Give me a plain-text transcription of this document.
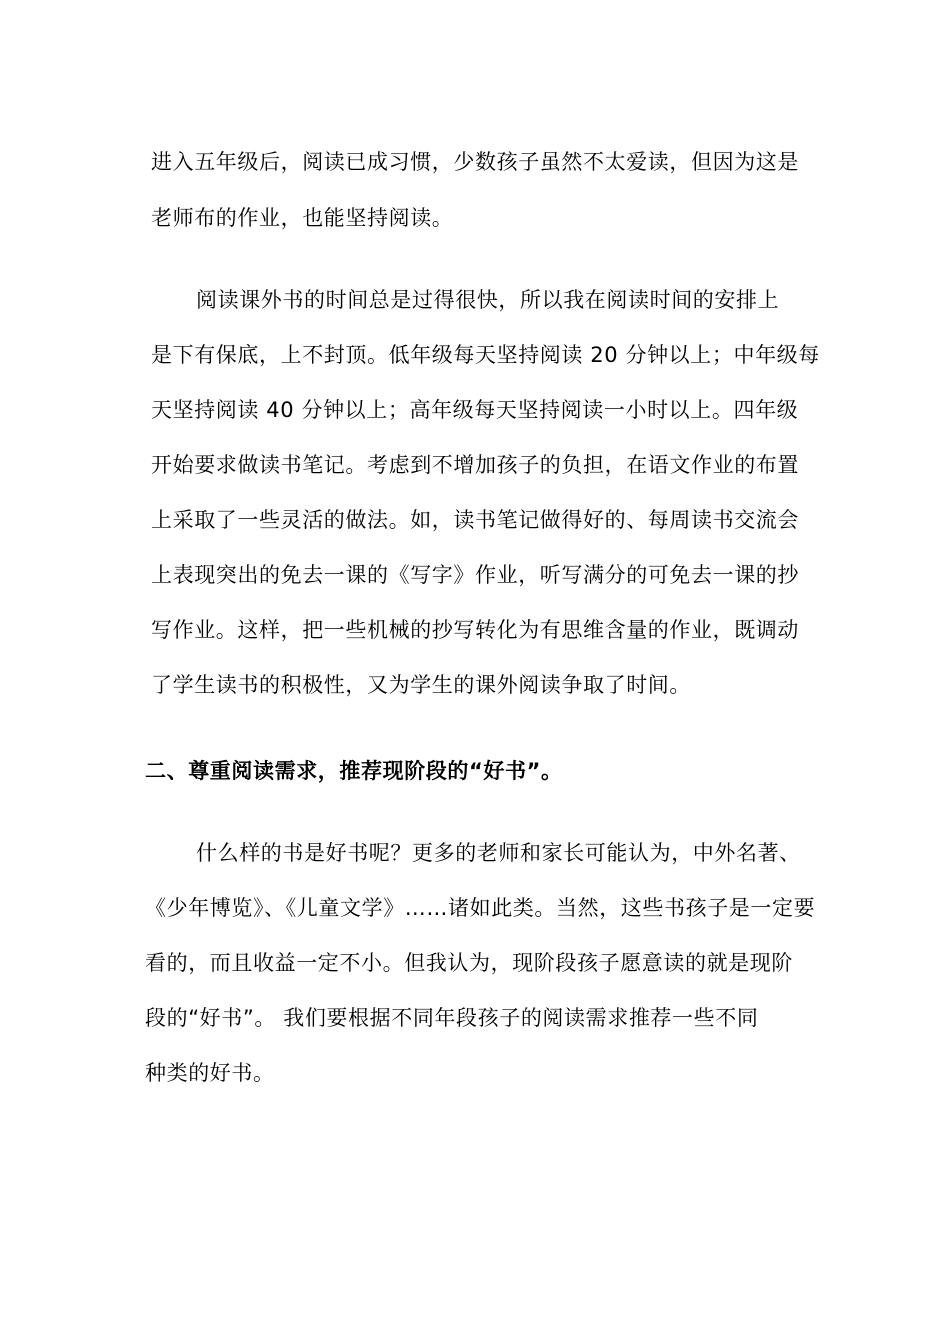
进入五年级后，阅读已成习惯，少数孩子虽然不太爱读，但因为这是
老师布的作业，也能坚持阅读。
阅读课外书的时间总是过得很快，所以我在阅读时间的安排上
是下有保底，上不封顶。低年级每天坚持阅读 20 分钟以上；中年级每
天坚持阅读 40 分钟以上；高年级每天坚持阅读一小时以上。四年级
开始要求做读书笔记。考虑到不增加孩子的负担，在语文作业的布置
上采取了一些灵活的做法。如，读书笔记做得好的、每周读书交流会
上表现突出的免去一课的《写字》作业，听写满分的可免去一课的抄
写作业。这样，把一些机械的抄写转化为有思维含量的作业，既调动
了学生读书的积极性，又为学生的课外阅读争取了时间。
二、尊重阅读需求，推荐现阶段的“好书”。
什么样的书是好书呢？更多的老师和家长可能认为，中外名著、
《少年博览》、《儿童文学》……诸如此类。当然，这些书孩子是一定要
看的，而且收益一定不小。但我认为，现阶段孩子愿意读的就是现阶
段的“好书”。 我们要根据不同年段孩子的阅读需求推荐一些不同
种类的好书。
